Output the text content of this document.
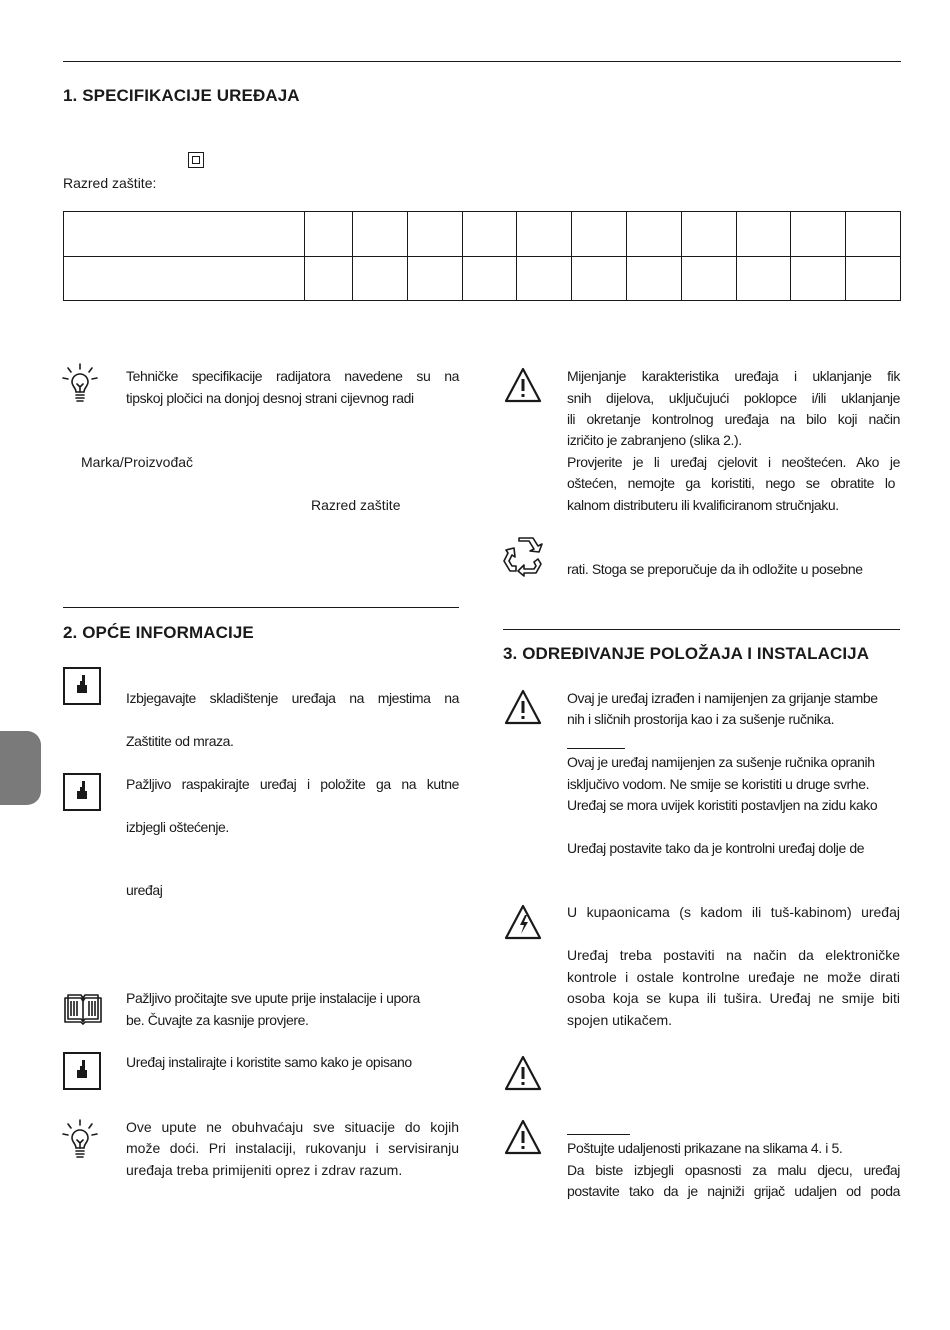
1. SPECIFIKACIJE UREĐAJA
Razred zaštite:

Tehničke specifikacije radijatora navedene su na
tipskoj pločici na donjoj desnoj strani cijevnog radi
Marka/Proizvođač
Razred zaštite
2. OPĆE INFORMACIJE
Izbjegavajte skladištenje uređaja na mjestima na
Zaštitite od mraza.
Pažljivo raspakirajte uređaj i položite ga na kutne
izbjegli oštećenje.
uređaj
Pažljivo pročitajte sve upute prije instalacije i upora
be. Čuvajte za kasnije provjere.
Uređaj instalirajte i koristite samo kako je opisano
Ove upute ne obuhvaćaju sve situacije do kojih
može doći. Pri instalaciji, rukovanju i servisiranju
uređaja treba primijeniti oprez i zdrav razum.
Mijenjanje karakteristika uređaja i uklanjanje fik
snih dijelova, uključujući poklopce i/ili uklanjanje
ili okretanje kontrolnog uređaja na bilo koji način
izričito je zabranjeno (slika 2.).
Provjerite je li uređaj cjelovit i neoštećen. Ako je
oštećen, nemojte ga koristiti, nego se obratite lo
kalnom distributeru ili kvalificiranom stručnjaku.
rati. Stoga se preporučuje da ih odložite u posebne
3. ODREĐIVANJE POLOŽAJA I INSTALACIJA
Ovaj je uređaj izrađen i namijenjen za grijanje stambe
nih i sličnih prostorija kao i za sušenje ručnika.
Ovaj je uređaj namijenjen za sušenje ručnika opranih
isključivo vodom. Ne smije se koristiti u druge svrhe.
Uređaj se mora uvijek koristiti postavljen na zidu kako
Uređaj postavite tako da je kontrolni uređaj dolje de
U kupaonicama (s kadom ili tuš-kabinom) uređaj
Uređaj treba postaviti na način da elektroničke
kontrole i ostale kontrolne uređaje ne može dirati
osoba koja se kupa ili tušira. Uređaj ne smije biti
spojen utikačem.
Poštujte udaljenosti prikazane na slikama 4. i 5.
Da biste izbjegli opasnosti za malu djecu, uređaj
postavite tako da je najniži grijač udaljen od poda
